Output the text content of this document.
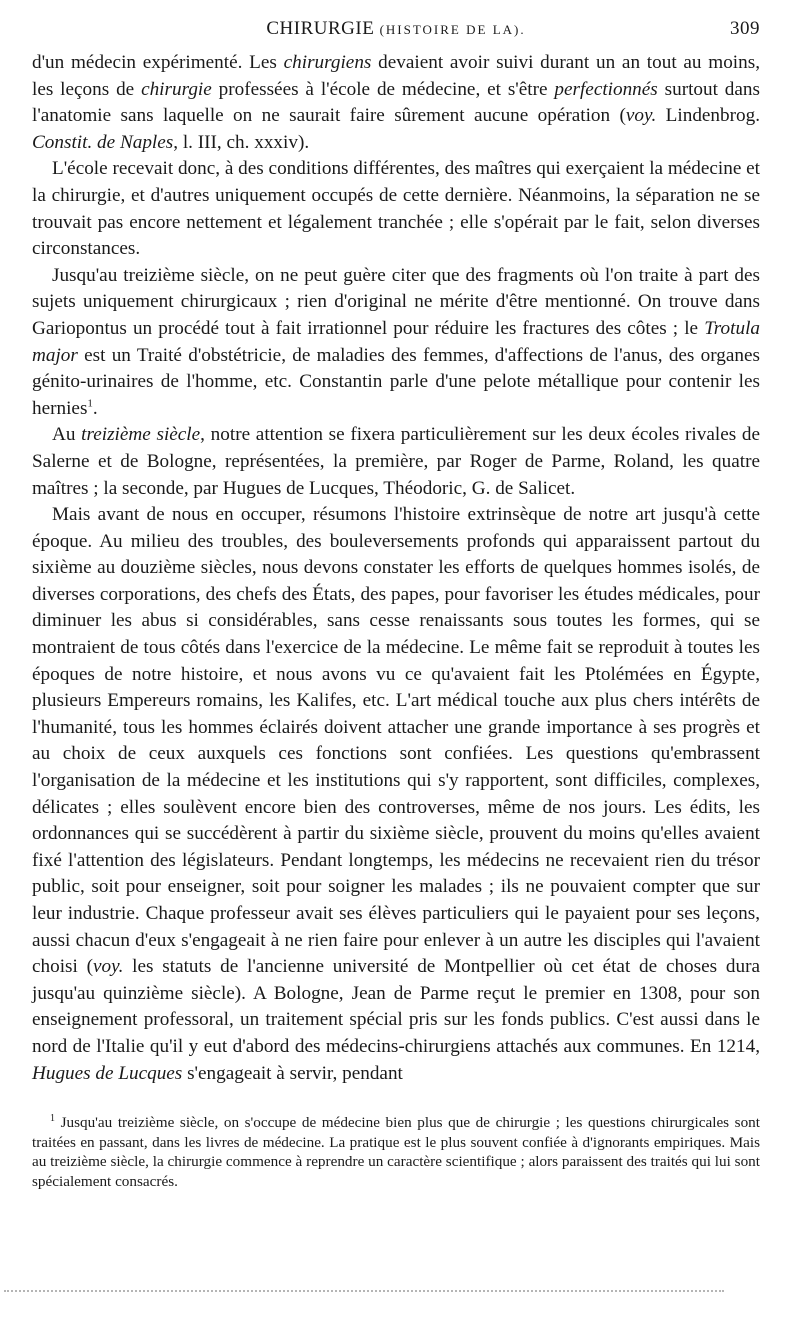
CHIRURGIE (HISTOIRE DE LA).	309

d'un médecin expérimenté. Les chirurgiens devaient avoir suivi durant un an tout au moins, les leçons de chirurgie professées à l'école de médecine, et s'être perfectionnés surtout dans l'anatomie sans laquelle on ne saurait faire sûrement aucune opération (voy. Lindenbrog. Constit. de Naples, l. III, ch. xxxiv).

L'école recevait donc, à des conditions différentes, des maîtres qui exerçaient la médecine et la chirurgie, et d'autres uniquement occupés de cette dernière. Néanmoins, la séparation ne se trouvait pas encore nettement et légalement tranchée ; elle s'opérait par le fait, selon diverses circonstances.

Jusqu'au treizième siècle, on ne peut guère citer que des fragments où l'on traite à part des sujets uniquement chirurgicaux ; rien d'original ne mérite d'être mentionné. On trouve dans Gariopontus un procédé tout à fait irrationnel pour réduire les fractures des côtes ; le Trotula major est un Traité d'obstétricie, de maladies des femmes, d'affections de l'anus, des organes génito-urinaires de l'homme, etc. Constantin parle d'une pelote métallique pour contenir les hernies$^1$.

Au treizième siècle, notre attention se fixera particulièrement sur les deux écoles rivales de Salerne et de Bologne, représentées, la première, par Roger de Parme, Roland, les quatre maîtres ; la seconde, par Hugues de Lucques, Théodoric, G. de Salicet.

Mais avant de nous en occuper, résumons l'histoire extrinsèque de notre art jusqu'à cette époque. Au milieu des troubles, des bouleversements profonds qui apparaissent partout du sixième au douzième siècles, nous devons constater les efforts de quelques hommes isolés, de diverses corporations, des chefs des États, des papes, pour favoriser les études médicales, pour diminuer les abus si considérables, sans cesse renaissants sous toutes les formes, qui se montraient de tous côtés dans l'exercice de la médecine. Le même fait se reproduit à toutes les époques de notre histoire, et nous avons vu ce qu'avaient fait les Ptolémées en Égypte, plusieurs Empereurs romains, les Kalifes, etc. L'art médical touche aux plus chers intérêts de l'humanité, tous les hommes éclairés doivent attacher une grande importance à ses progrès et au choix de ceux auxquels ces fonctions sont confiées. Les questions qu'embrassent l'organisation de la médecine et les institutions qui s'y rapportent, sont difficiles, complexes, délicates ; elles soulèvent encore bien des controverses, même de nos jours. Les édits, les ordonnances qui se succédèrent à partir du sixième siècle, prouvent du moins qu'elles avaient fixé l'attention des législateurs. Pendant longtemps, les médecins ne recevaient rien du trésor public, soit pour enseigner, soit pour soigner les malades ; ils ne pouvaient compter que sur leur industrie. Chaque professeur avait ses élèves particuliers qui le payaient pour ses leçons, aussi chacun d'eux s'engageait à ne rien faire pour enlever à un autre les disciples qui l'avaient choisi (voy. les statuts de l'ancienne université de Montpellier où cet état de choses dura jusqu'au quinzième siècle). A Bologne, Jean de Parme reçut le premier en 1308, pour son enseignement professoral, un traitement spécial pris sur les fonds publics. C'est aussi dans le nord de l'Italie qu'il y eut d'abord des médecins-chirurgiens attachés aux communes. En 1214, Hugues de Lucques s'engageait à servir, pendant

$^1$ Jusqu'au treizième siècle, on s'occupe de médecine bien plus que de chirurgie ; les questions chirurgicales sont traitées en passant, dans les livres de médecine. La pratique est le plus souvent confiée à d'ignorants empiriques. Mais au treizième siècle, la chirurgie commence à reprendre un caractère scientifique ; alors paraissent des traités qui lui sont spécialement consacrés.
